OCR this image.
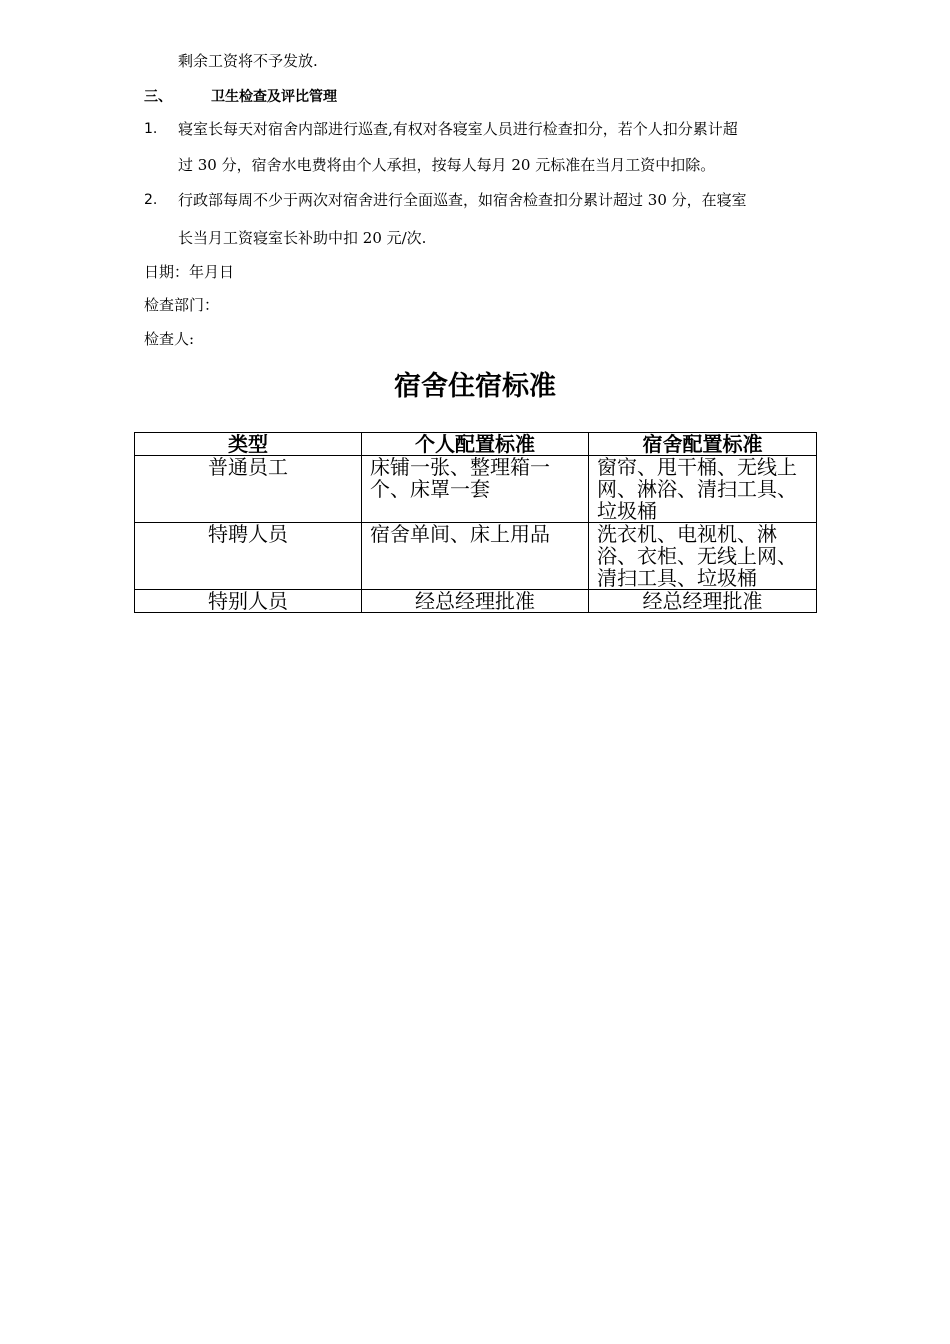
剩余工资将不予发放.
三、	卫生检查及评比管理
1. 寝室长每天对宿舍内部进行巡查,有权对各寝室人员进行检查扣分，若个人扣分累计超
过 30 分，宿舍水电费将由个人承担，按每人每月 20 元标准在当月工资中扣除。
2. 行政部每周不少于两次对宿舍进行全面巡查，如宿舍检查扣分累计超过 30 分，在寝室
长当月工资寝室长补助中扣 20 元/次.
日期：年月日
检查部门：
检查人:
宿舍住宿标准
类型	个人配置标准	宿舍配置标准
普通员工	床铺一张、整理箱一个、床罩一套	窗帘、甩干桶、无线上网、淋浴、清扫工具、垃圾桶
特聘人员	宿舍单间、床上用品	洗衣机、电视机、淋浴、衣柜、无线上网、清扫工具、垃圾桶
特别人员	经总经理批准	经总经理批准
